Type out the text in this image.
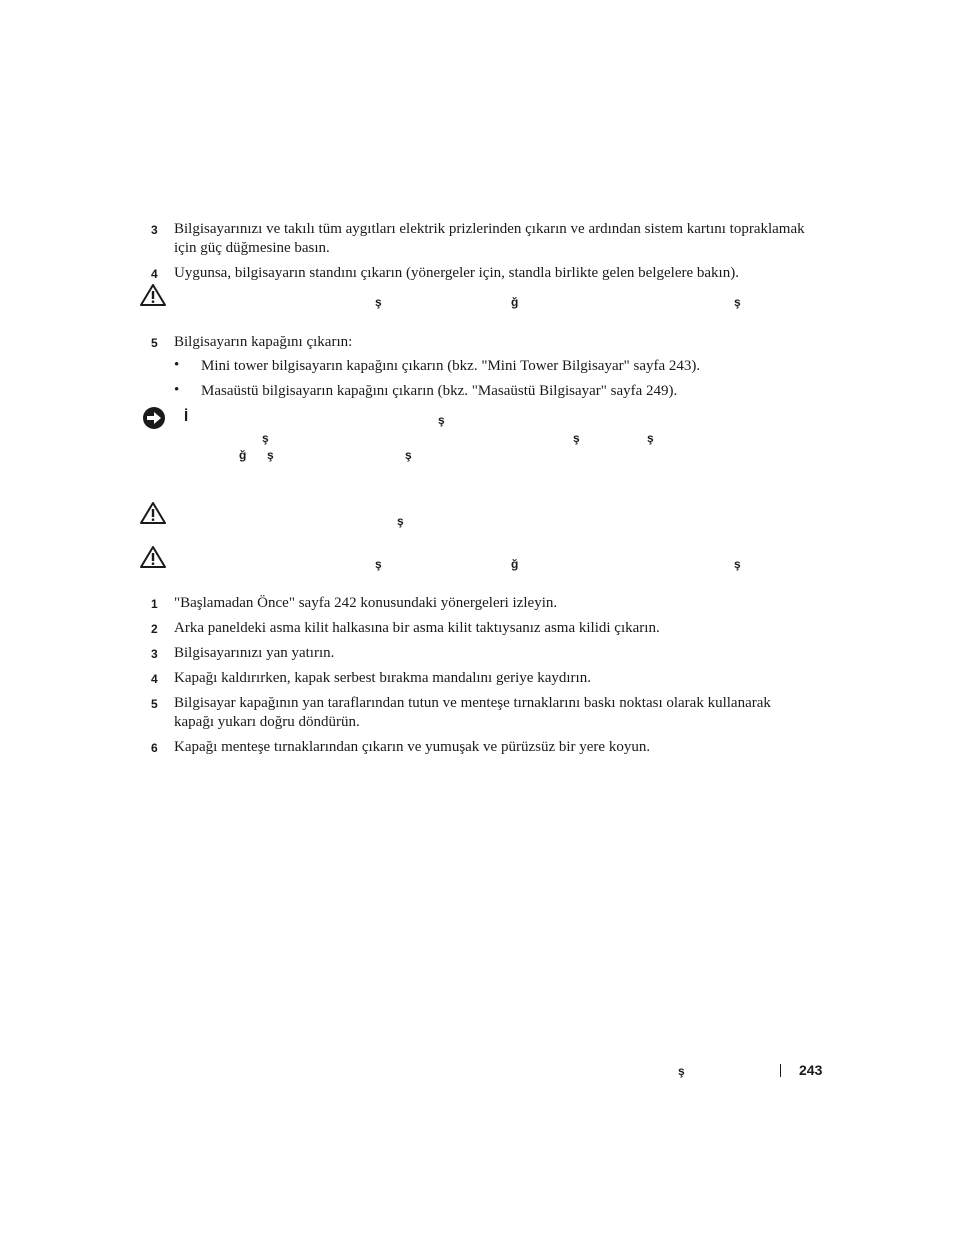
3	Bilgisayarınızı ve takılı tüm aygıtları elektrik prizlerinden çıkarın ve ardından sistem kartını topraklamak
için güç düğmesine basın.
4	Uygunsa, bilgisayarın standını çıkarın (yönergeler için, standla birlikte gelen belgelere bakın).
ş	ğ	ş
5	Bilgisayarın kapağını çıkarın:
• Mini tower bilgisayarın kapağını çıkarın (bkz. "Mini Tower Bilgisayar" sayfa 243).
• Masaüstü bilgisayarın kapağını çıkarın (bkz. "Masaüstü Bilgisayar" sayfa 249).
İ	ş
ş	ş	ş
ğ ş	ş
ş
ş	ğ	ş
1	"Başlamadan Önce" sayfa 242 konusundaki yönergeleri izleyin.
2	Arka paneldeki asma kilit halkasına bir asma kilit taktıysanız asma kilidi çıkarın.
3	Bilgisayarınızı yan yatırın.
4	Kapağı kaldırırken, kapak serbest bırakma mandalını geriye kaydırın.
5	Bilgisayar kapağının yan taraflarından tutun ve menteşe tırnaklarını baskı noktası olarak kullanarak
kapağı yukarı doğru döndürün.
6	Kapağı menteşe tırnaklarından çıkarın ve yumuşak ve pürüzsüz bir yere koyun.
ş	243
